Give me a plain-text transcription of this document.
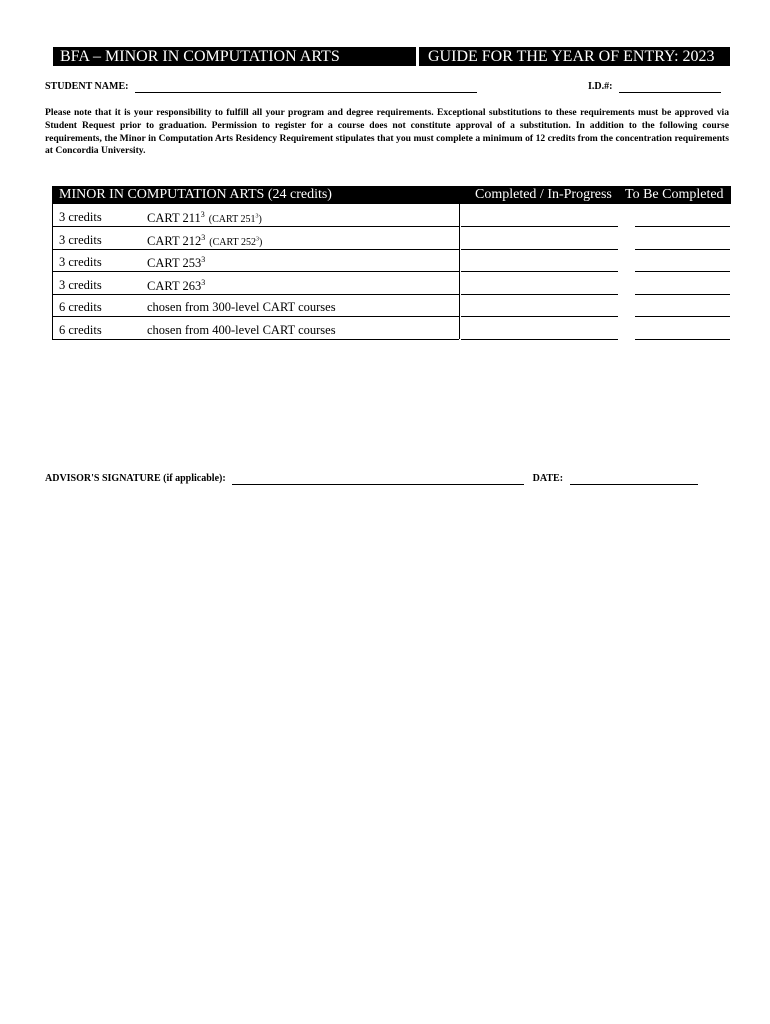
BFA – MINOR IN COMPUTATION ARTS	GUIDE FOR THE YEAR OF ENTRY: 2023
STUDENT NAME:	I.D.#:

Please note that it is your responsibility to fulfill all your program and degree requirements. Exceptional substitutions to these requirements must be approved via Student Request prior to graduation. Permission to register for a course does not constitute approval of a substitution. In addition to the following course requirements, the Minor in Computation Arts Residency Requirement stipulates that you must complete a minimum of 12 credits from the concentration requirements at Concordia University.

MINOR IN COMPUTATION ARTS (24 credits)	Completed / In-Progress To Be Completed
3 credits	CART $211^3$ (CART $251^3$)
3 credits	CART $212^3$ (CART $252^3$)
3 credits	CART $253^3$
3 credits	CART $263^3$
6 credits	chosen from 300-level CART courses
6 credits	chosen from 400-level CART courses
ADVISOR'S SIGNATURE (if applicable):	DATE:
